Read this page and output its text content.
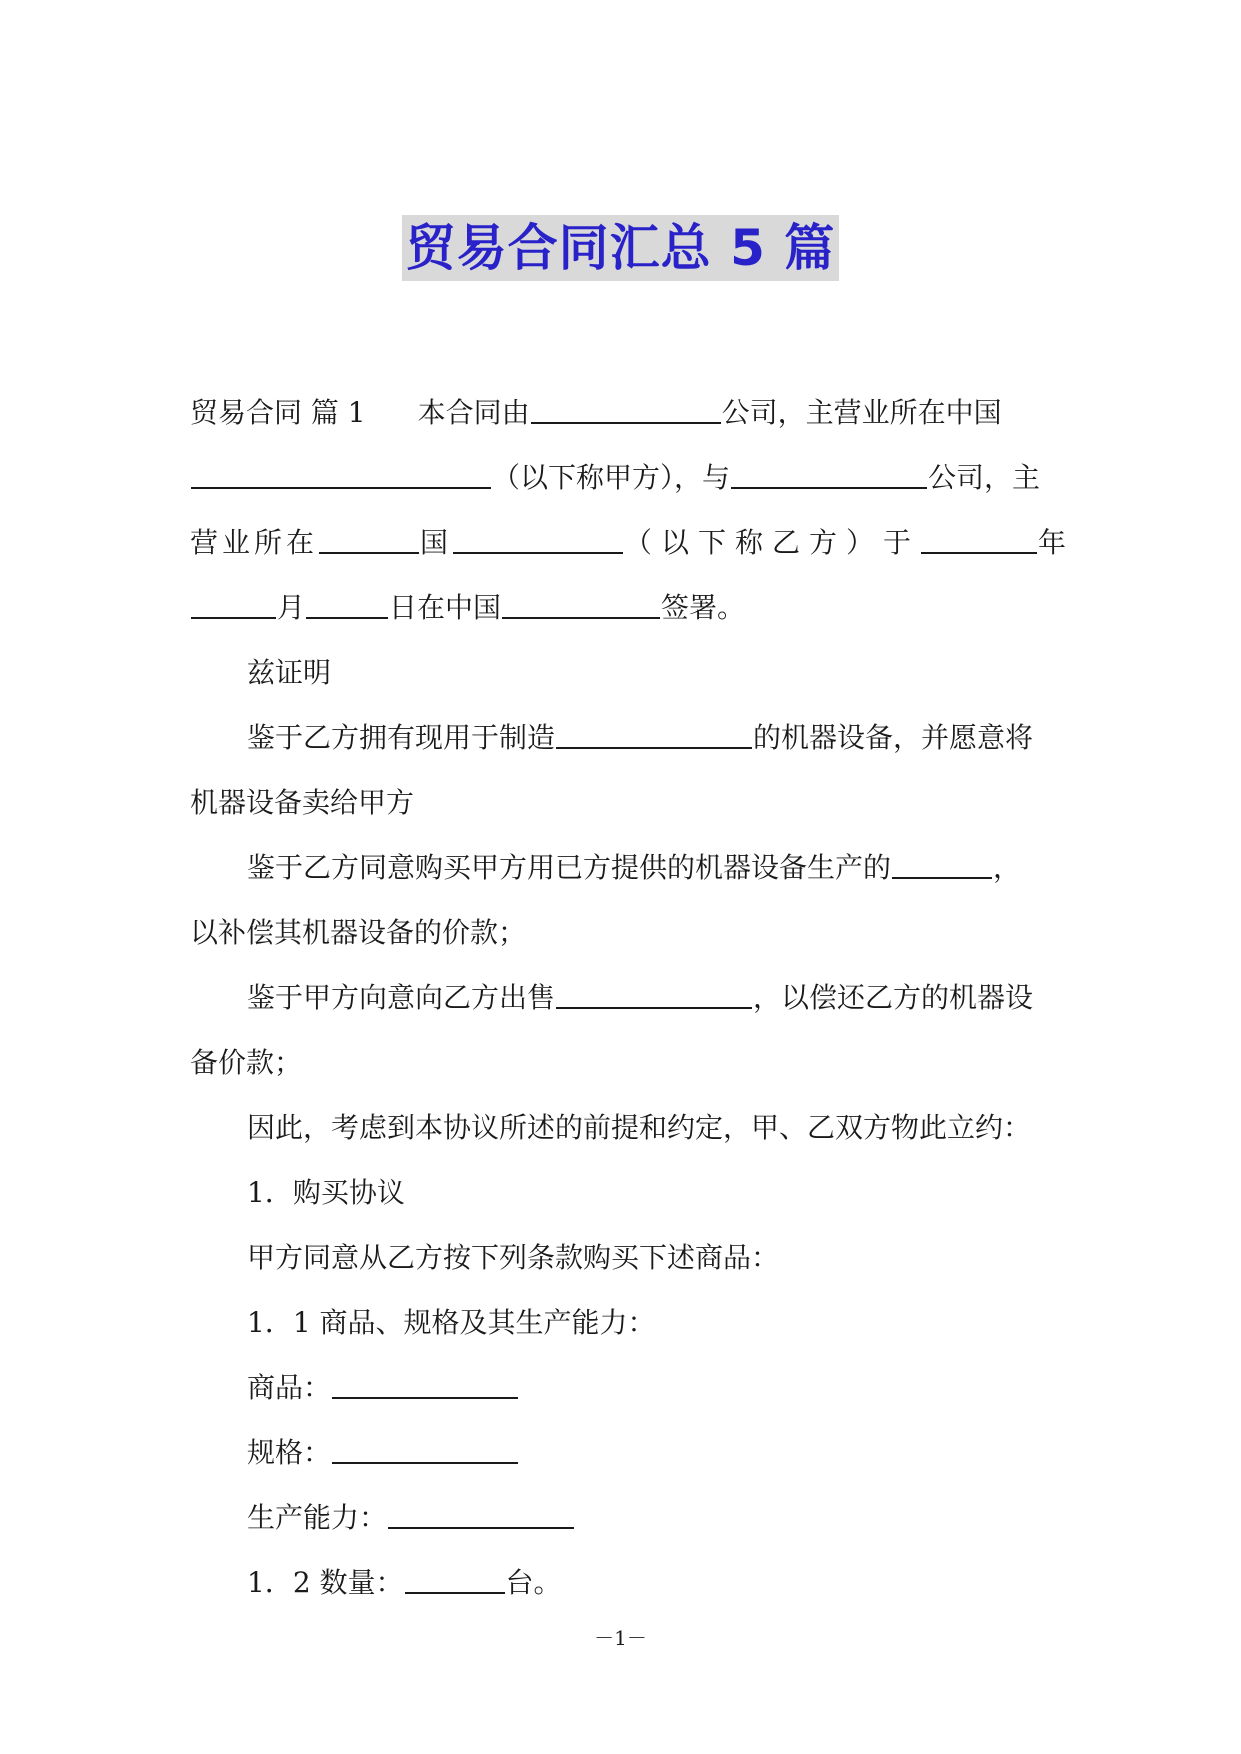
贸易合同汇总 5 篇
贸易合同 篇 1 本合同由	公司，主营业所在中国
（以下称甲方），与	公司，主
营业所在	国	（以下称乙方）于	年
月	日在中国	签署。
兹证明
鉴于乙方拥有现用于制造	的机器设备，并愿意将
机器设备卖给甲方
鉴于乙方同意购买甲方用已方提供的机器设备生产的	，
以补偿其机器设备的价款；
鉴于甲方向意向乙方出售	，以偿还乙方的机器设
备价款；
因此，考虑到本协议所述的前提和约定，甲、乙双方物此立约：
1．购买协议
甲方同意从乙方按下列条款购买下述商品：
1．1 商品、规格及其生产能力：
商品：
规格：
生产能力：
1．2 数量：	台。
－1－
